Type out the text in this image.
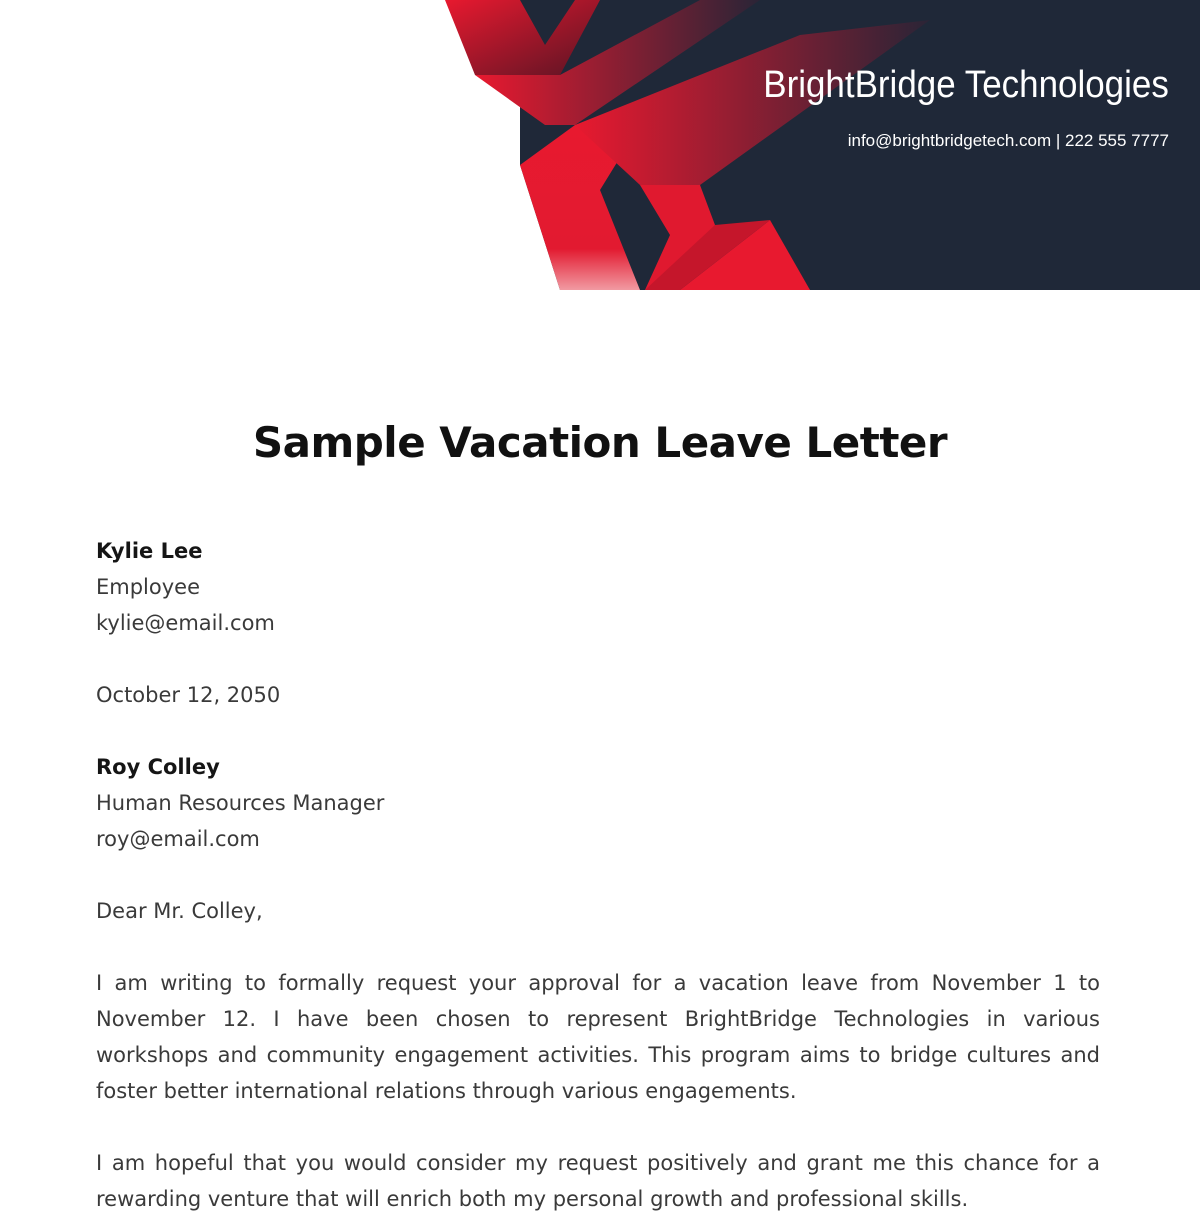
BrightBridge Technologies
info@brightbridgetech.com | 222 555 7777
Sample Vacation Leave Letter
Kylie Lee
Employee
kylie@email.com
October 12, 2050
Roy Colley
Human Resources Manager
roy@email.com
Dear Mr. Colley,
I am writing to formally request your approval for a vacation leave from November 1 to November 12. I have been chosen to represent BrightBridge Technologies in various workshops and community engagement activities. This program aims to bridge cultures and foster better international relations through various engagements.
I am hopeful that you would consider my request positively and grant me this chance for a rewarding venture that will enrich both my personal growth and professional skills.
